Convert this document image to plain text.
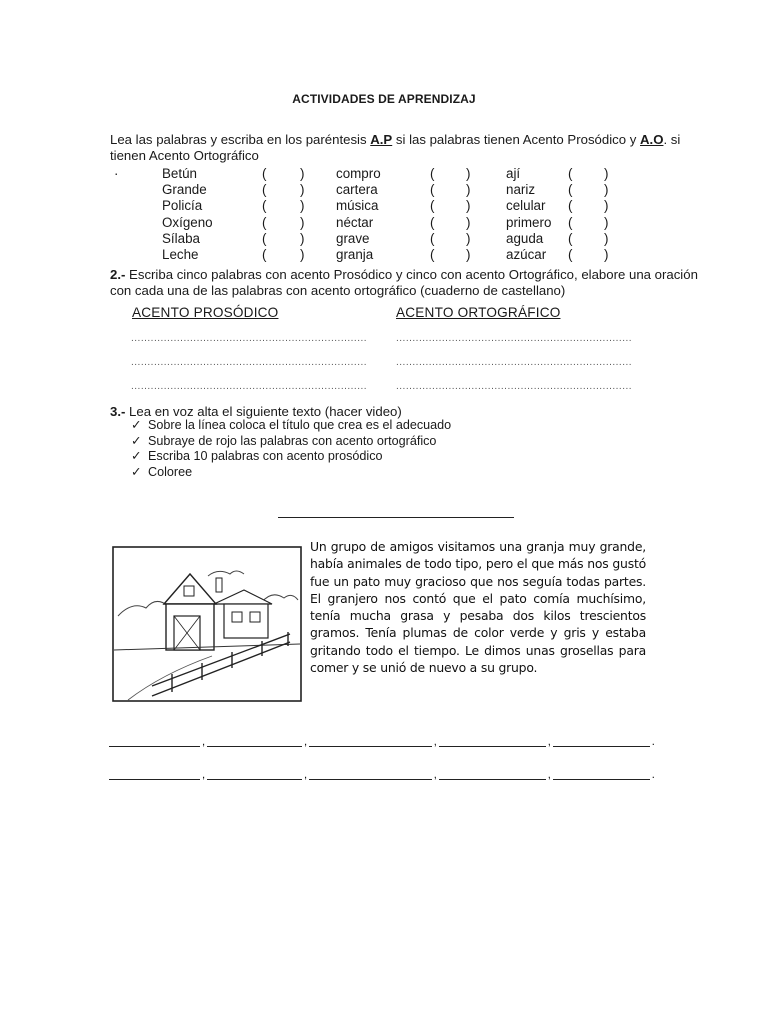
ACTIVIDADES DE APRENDIZAJ
Lea las palabras y escriba en los paréntesis A.P si las palabras tienen Acento Prosódico y A.O. si
tienen Acento Ortográfico
·	Betún	(	) compro	( )	ají	( )
Grande	(	) cartera	( )	nariz ( )
Policía	(	) música	( )	celular ( )
Oxígeno	(	) néctar	( )	primero ( )
Sílaba	(	) grave	( )	aguda ( )
Leche	(	) granja	( )	azúcar ( )
2.- Escriba cinco palabras con acento Prosódico y cinco con acento Ortográfico, elabore una oración
con cada una de las palabras con acento ortográfico (cuaderno de castellano)
ACENTO PROSÓDICO	ACENTO ORTOGRÁFICO
........................................................................
........................................................................
........................................................................
........................................................................
........................................................................
........................................................................
3.- Lea en voz alta el siguiente texto (hacer video)
✓ Sobre la línea coloca el título que crea es el adecuado
✓ Subraye de rojo las palabras con acento ortográfico
✓ Escriba 10 palabras con acento prosódico
✓ Coloree
Un grupo de amigos visitamos una granja muy grande, había animales de todo tipo, pero el que más nos gustó fue un pato muy gracioso que nos seguía todas partes. El granjero nos contó que el pato comía muchísimo, tenía mucha grasa y pesaba dos kilos trescientos gramos. Tenía plumas de color verde y gris y estaba gritando todo el tiempo. Le dimos unas grosellas para comer y se unió de nuevo a su grupo.
,	,	,	,	.
,	,	,	,	.
